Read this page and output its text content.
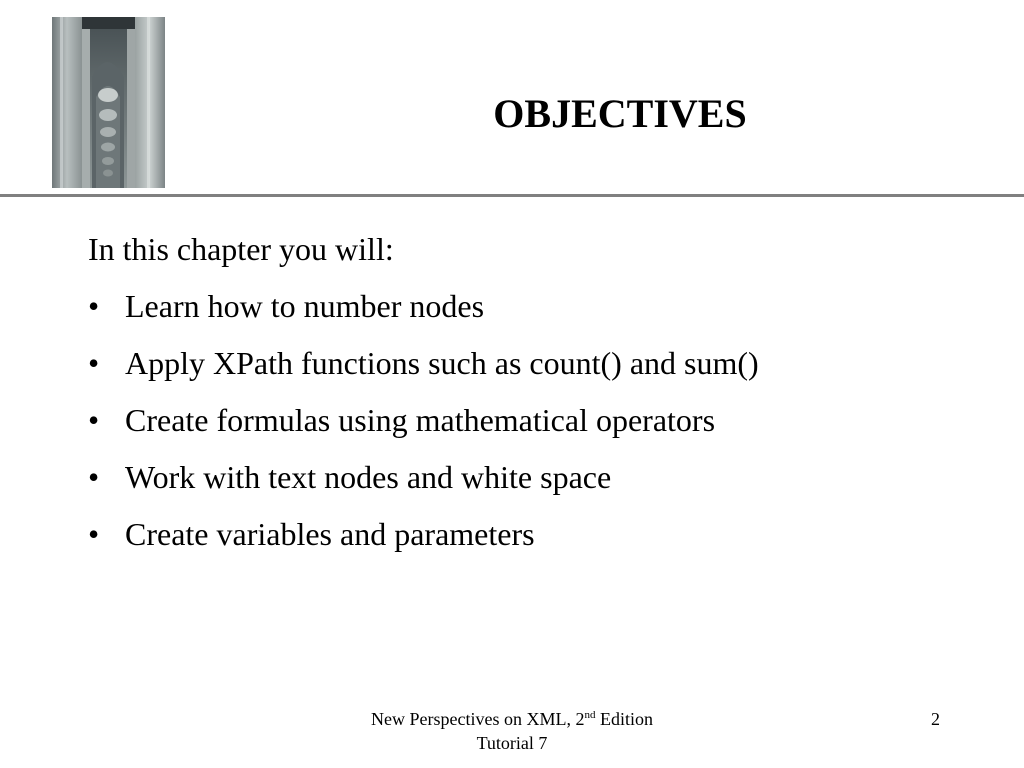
OBJECTIVES

In this chapter you will:

• Learn how to number nodes
• Apply XPath functions such as count() and sum()
• Create formulas using mathematical operators
• Work with text nodes and white space
• Create variables and parameters
New Perspectives on XML, 2nd Edition
Tutorial 7
2
